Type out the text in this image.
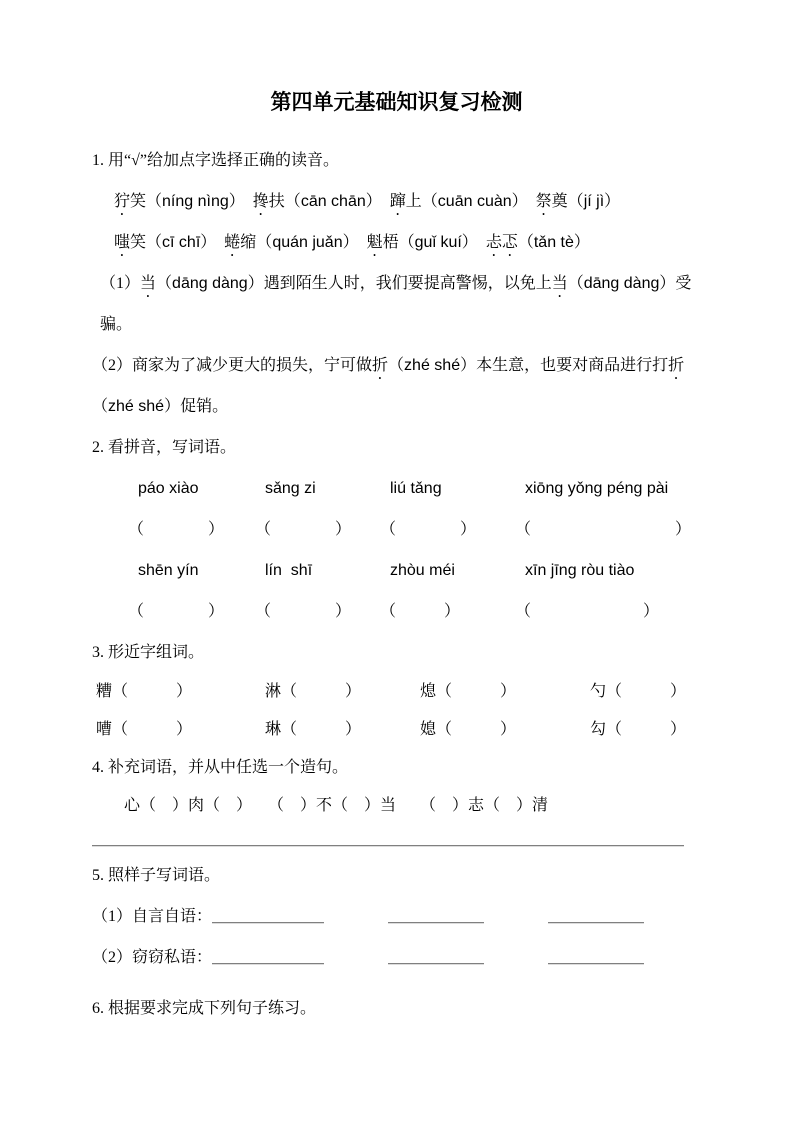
第四单元基础知识复习检测

1. 用“√”给加点字选择正确的读音。

狞笑（níng nìng）  搀扶（cān chān）  蹿上（cuān cuàn）  祭奠（jí jì）

嗤笑（cī chī）  蜷缩（quán juǎn）  魁梧（guǐ kuí）  忐忑（tǎn tè）

（1）当（dāng dàng）遇到陌生人时，我们要提高警惕，以免上当（dāng dàng）受骗。

（2）商家为了减少更大的损失，宁可做折（zhé shé）本生意，也要对商品进行打折（zhé shé）促销。

2. 看拼音，写词语。

páo xiào	sǎng zi	liú tǎng	xiōng yǒng péng pài
（　　　　）	（　　　　）	（　　　　）	（　　　　　　　　　）
shēn yín	lín  shī	zhòu méi	xīn jīng ròu tiào
（　　　　）	（　　　　）	（　　　）	（　　　　　　　）

3. 形近字组词。

糟（　　　）	淋（　　　）	熄（　　　）	勺（　　　）
嘈（　　　）	琳（　　　）	媳（　　　）	勾（　　　）

4. 补充词语，并从中任选一个造句。

心（　）肉（　）　　（　）不（　）当　　（　）志（　）清

＿＿＿＿＿＿＿＿＿＿＿＿＿＿＿＿＿＿＿＿＿＿＿＿＿＿＿＿＿＿＿＿＿＿＿＿＿

5. 照样子写词语。

（1）自言自语：＿＿＿＿＿＿＿　　　　＿＿＿＿＿＿　　　　＿＿＿＿＿＿

（2）窃窃私语：＿＿＿＿＿＿＿　　　　＿＿＿＿＿＿　　　　＿＿＿＿＿＿

6. 根据要求完成下列句子练习。
